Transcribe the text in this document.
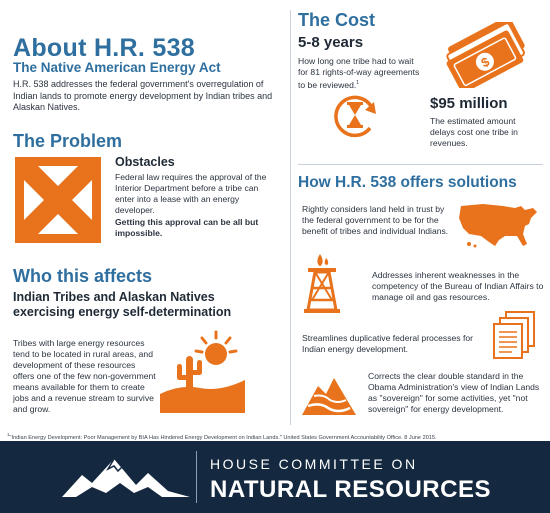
About H.R. 538
The Native American Energy Act
H.R. 538 addresses the federal government's overregulation of Indian lands to promote energy development by Indian tribes and Alaskan Natives.
The Problem
Obstacles
Federal law requires the approval of the Interior Department before a tribe can enter into a lease with an energy developer.
Getting this approval can be all but impossible.
Who this affects
Indian Tribes and Alaskan Natives exercising energy self-determination
Tribes with large energy resources tend to be located in rural areas, and development of these resources offers one of the few non-government means available for them to create jobs and a revenue stream to survive and grow.
The Cost
5-8 years
How long one tribe had to wait for 81 rights-of-way agreements to be reviewed.$^1$
$
$95 million
The estimated amount delays cost one tribe in revenues.
How H.R. 538 offers solutions
Rightly considers land held in trust by the federal government to be for the benefit of tribes and individual Indians.
Addresses inherent weaknesses in the competency of the Bureau of Indian Affairs to manage oil and gas resources.
Streamlines duplicative federal processes for Indian energy development.
Corrects the clear double standard in the Obama Administration's view of Indian Lands as "sovereign" for some activities, yet "not sovereign" for energy development.
$^1$"Indian Energy Development: Poor Management by BIA Has Hindered Energy Development on Indian Lands." United States Government Accountability Office. 8 June 2015.
HOUSE COMMITTEE ON
NATURAL RESOURCES
